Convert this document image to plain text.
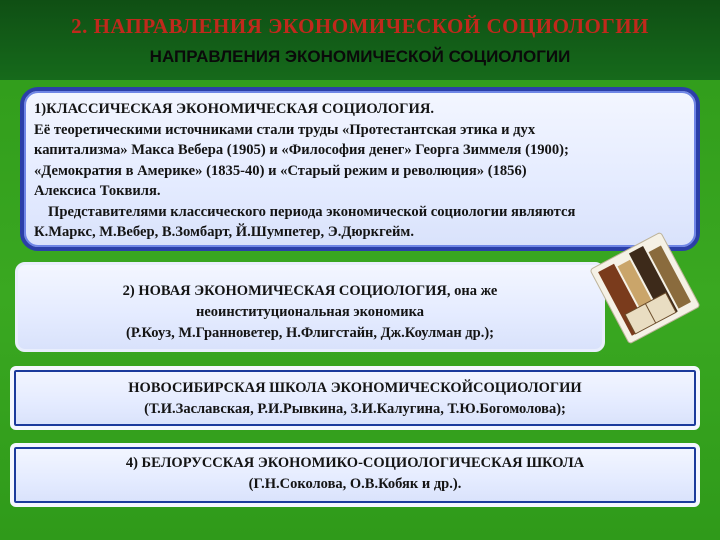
2. НАПРАВЛЕНИЯ ЭКОНОМИЧЕСКОЙ СОЦИОЛОГИИ
НАПРАВЛЕНИЯ ЭКОНОМИЧЕСКОЙ СОЦИОЛОГИИ

1)КЛАССИЧЕСКАЯ ЭКОНОМИЧЕСКАЯ СОЦИОЛОГИЯ.

Её теоретическими источниками стали труды «Протестантская этика и дух

капитализма» Макса Вебера (1905) и «Философия денег» Георга Зиммеля (1900);

«Демократия в Америке» (1835-40) и «Старый режим и революция» (1856)

Алексиса Токвиля.

Представителями классического периода экономической социологии являются

К.Маркс, М.Вебер, В.Зомбарт, Й.Шумпетер, Э.Дюркгейм.

2) НОВАЯ ЭКОНОМИЧЕСКАЯ СОЦИОЛОГИЯ, она же
неоинституциональная экономика
(Р.Коуз, М.Гранноветер, Н.Флигстайн, Дж.Коулман др.);
НОВОСИБИРСКАЯ ШКОЛА ЭКОНОМИЧЕСКОЙСОЦИОЛОГИИ
(Т.И.Заславская, Р.И.Рывкина, З.И.Калугина, Т.Ю.Богомолова);
4) БЕЛОРУССКАЯ ЭКОНОМИКО-СОЦИОЛОГИЧЕСКАЯ ШКОЛА
(Г.Н.Соколова, О.В.Кобяк и др.).
